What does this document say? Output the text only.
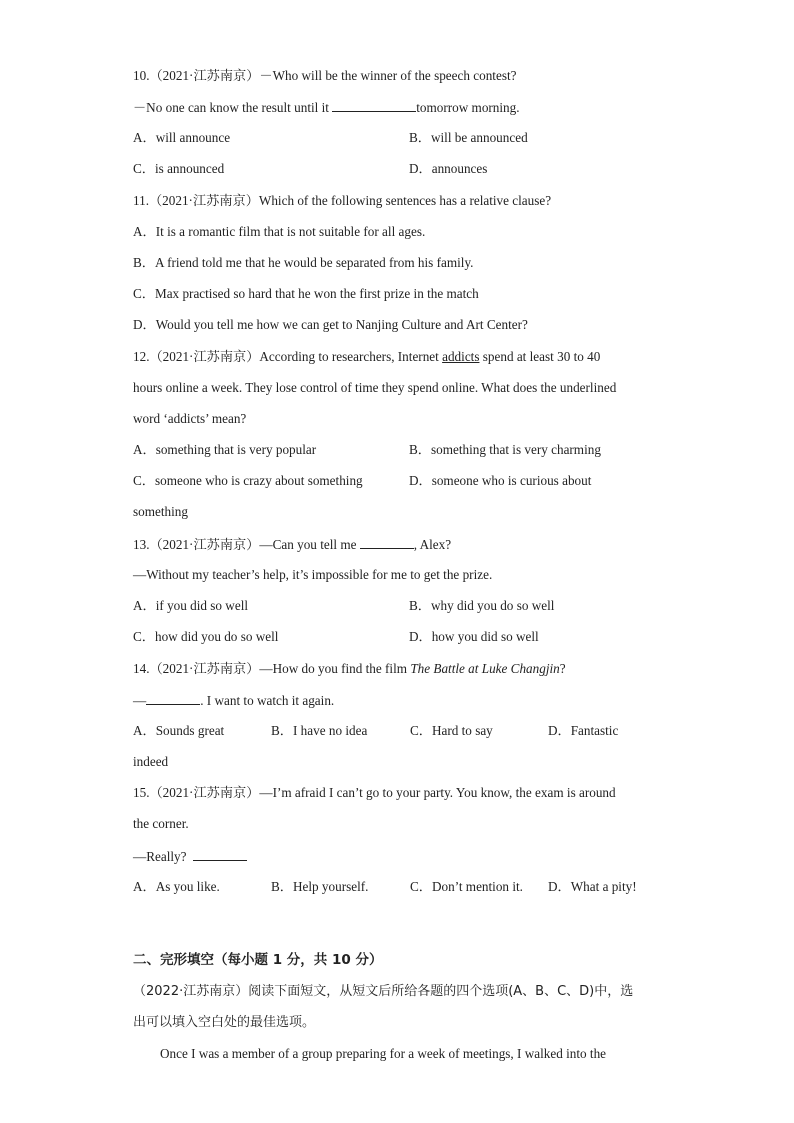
10.（2021·江苏南京）－Who will be the winner of the speech contest?
－No one can know the result until it	tomorrow morning.
A．will announce	B．will be announced
C．is announced	D．announces
11.（2021·江苏南京）Which of the following sentences has a relative clause?
A．It is a romantic film that is not suitable for all ages.
B．A friend told me that he would be separated from his family.
C．Max practised so hard that he won the first prize in the match
D．Would you tell me how we can get to Nanjing Culture and Art Center?
12.（2021·江苏南京）According to researchers, Internet addicts spend at least 30 to 40
hours online a week. They lose control of time they spend online. What does the underlined
word ‘addicts’ mean?
A．something that is very popular	B．something that is very charming
C．someone who is crazy about something	D．someone who is curious about
something
13.（2021·江苏南京）—Can you tell me	, Alex?
—Without my teacher’s help, it’s impossible for me to get the prize.
A．if you did so well	B．why did you do so well
C．how did you do so well	D．how you did so well
14.（2021·江苏南京）—How do you find the film The Battle at Luke Changjin?
—	. I want to watch it again.
A．Sounds great	B．I have no idea	C．Hard to say	D．Fantastic
indeed
15.（2021·江苏南京）—I’m afraid I can’t go to your party. You know, the exam is around
the corner.
—Really?
A．As you like.	B．Help yourself.	C．Don’t mention it. D．What a pity!
二、完形填空（每小题 1 分，共 10 分）
（2022·江苏南京）阅读下面短文，从短文后所给各题的四个选项(A、B、C、D)中，选
出可以填入空白处的最佳选项。
Once I was a member of a group preparing for a week of meetings, I walked into the
